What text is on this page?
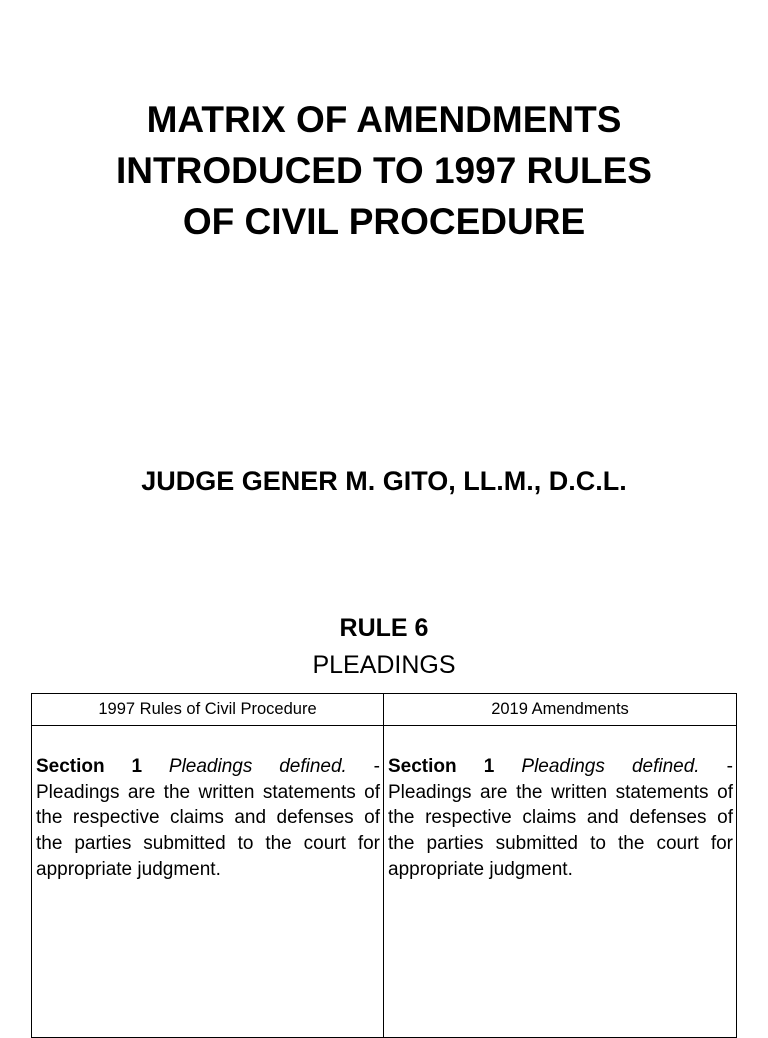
MATRIX OF AMENDMENTS
INTRODUCED TO 1997 RULES
OF CIVIL PROCEDURE
JUDGE GENER M. GITO, LL.M., D.C.L.
RULE 6
PLEADINGS
1997 Rules of Civil Procedure	2019 Amendments
Section 1 Pleadings defined. - Pleadings are the written statements of the respective claims and defenses of the parties submitted to the court for appropriate judgment.
Section 1 Pleadings defined. - Pleadings are the written statements of the respective claims and defenses of the parties submitted to the court for appropriate judgment.
